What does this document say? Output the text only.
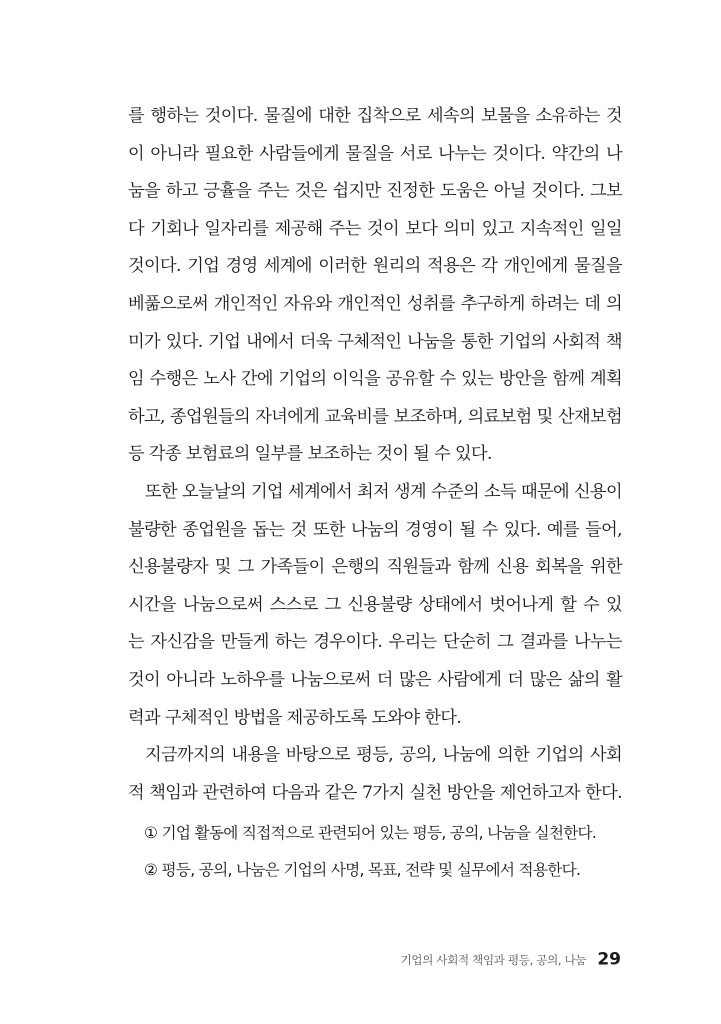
를 행하는 것이다. 물질에 대한 집착으로 세속의 보물을 소유하는 것
이 아니라 필요한 사람들에게 물질을 서로 나누는 것이다. 약간의 나
눔을 하고 긍휼을 주는 것은 쉽지만 진정한 도움은 아닐 것이다. 그보
다 기회나 일자리를 제공해 주는 것이 보다 의미 있고 지속적인 일일
것이다. 기업 경영 세계에 이러한 원리의 적용은 각 개인에게 물질을
베풂으로써 개인적인 자유와 개인적인 성취를 추구하게 하려는 데 의
미가 있다. 기업 내에서 더욱 구체적인 나눔을 통한 기업의 사회적 책
임 수행은 노사 간에 기업의 이익을 공유할 수 있는 방안을 함께 계획
하고, 종업원들의 자녀에게 교육비를 보조하며, 의료보험 및 산재보험
등 각종 보험료의 일부를 보조하는 것이 될 수 있다.
또한 오늘날의 기업 세계에서 최저 생계 수준의 소득 때문에 신용이
불량한 종업원을 돕는 것 또한 나눔의 경영이 될 수 있다. 예를 들어,
신용불량자 및 그 가족들이 은행의 직원들과 함께 신용 회복을 위한
시간을 나눔으로써 스스로 그 신용불량 상태에서 벗어나게 할 수 있
는 자신감을 만들게 하는 경우이다. 우리는 단순히 그 결과를 나누는
것이 아니라 노하우를 나눔으로써 더 많은 사람에게 더 많은 삶의 활
력과 구체적인 방법을 제공하도록 도와야 한다.
지금까지의 내용을 바탕으로 평등, 공의, 나눔에 의한 기업의 사회
적 책임과 관련하여 다음과 같은 7가지 실천 방안을 제언하고자 한다.
① 기업 활동에 직접적으로 관련되어 있는 평등, 공의, 나눔을 실천한다.
② 평등, 공의, 나눔은 기업의 사명, 목표, 전략 및 실무에서 적용한다.
기업의 사회적 책임과 평등, 공의, 나눔 29
